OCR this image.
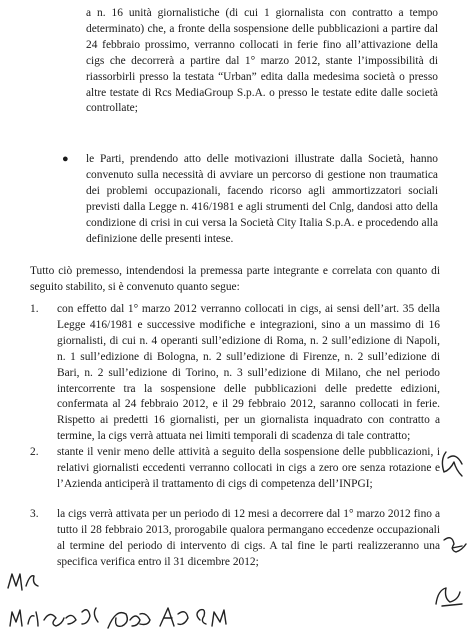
a n. 16 unità giornalistiche (di cui 1 giornalista con contratto a tempo determinato) che, a fronte della sospensione delle pubblicazioni a partire dal 24 febbraio prossimo, verranno collocati in ferie fino all’attivazione della cigs che decorrerà a partire dal 1° marzo 2012, stante l’impossibilità di riassorbirli presso la testata “Urban” edita dalla medesima società o presso altre testate di Rcs MediaGroup S.p.A. o presso le testate edite dalle società controllate;
● le Parti, prendendo atto delle motivazioni illustrate dalla Società, hanno convenuto sulla necessità di avviare un percorso di gestione non traumatica dei problemi occupazionali, facendo ricorso agli ammortizzatori sociali previsti dalla Legge n. 416/1981 e agli strumenti del Cnlg, dandosi atto della condizione di crisi in cui versa la Società City Italia S.p.A. e procedendo alla definizione delle presenti intese.
Tutto ciò premesso, intendendosi la premessa parte integrante e correlata con quanto di seguito stabilito, si è convenuto quanto segue:
1. con effetto dal 1° marzo 2012 verranno collocati in cigs, ai sensi dell’art. 35 della Legge 416/1981 e successive modifiche e integrazioni, sino a un massimo di 16 giornalisti, di cui n. 4 operanti sull’edizione di Roma, n. 2 sull’edizione di Napoli, n. 1 sull’edizione di Bologna, n. 2 sull’edizione di Firenze, n. 2 sull’edizione di Bari, n. 2 sull’edizione di Torino, n. 3 sull’edizione di Milano, che nel periodo intercorrente tra la sospensione delle pubblicazioni delle predette edizioni, confermata al 24 febbraio 2012, e il 29 febbraio 2012, saranno collocati in ferie. Rispetto ai predetti 16 giornalisti, per un giornalista inquadrato con contratto a termine, la cigs verrà attuata nei limiti temporali di scadenza di tale contratto;
2. stante il venir meno delle attività a seguito della sospensione delle pubblicazioni, i relativi giornalisti eccedenti verranno collocati in cigs a zero ore senza rotazione e l’Azienda anticiperà il trattamento di cigs di competenza dell’INPGI;
3. la cigs verrà attivata per un periodo di 12 mesi a decorrere dal 1° marzo 2012 fino a tutto il 28 febbraio 2013, prorogabile qualora permangano eccedenze occupazionali al termine del periodo di intervento di cigs. A tal fine le parti realizzeranno una specifica verifica entro il 31 dicembre 2012;
